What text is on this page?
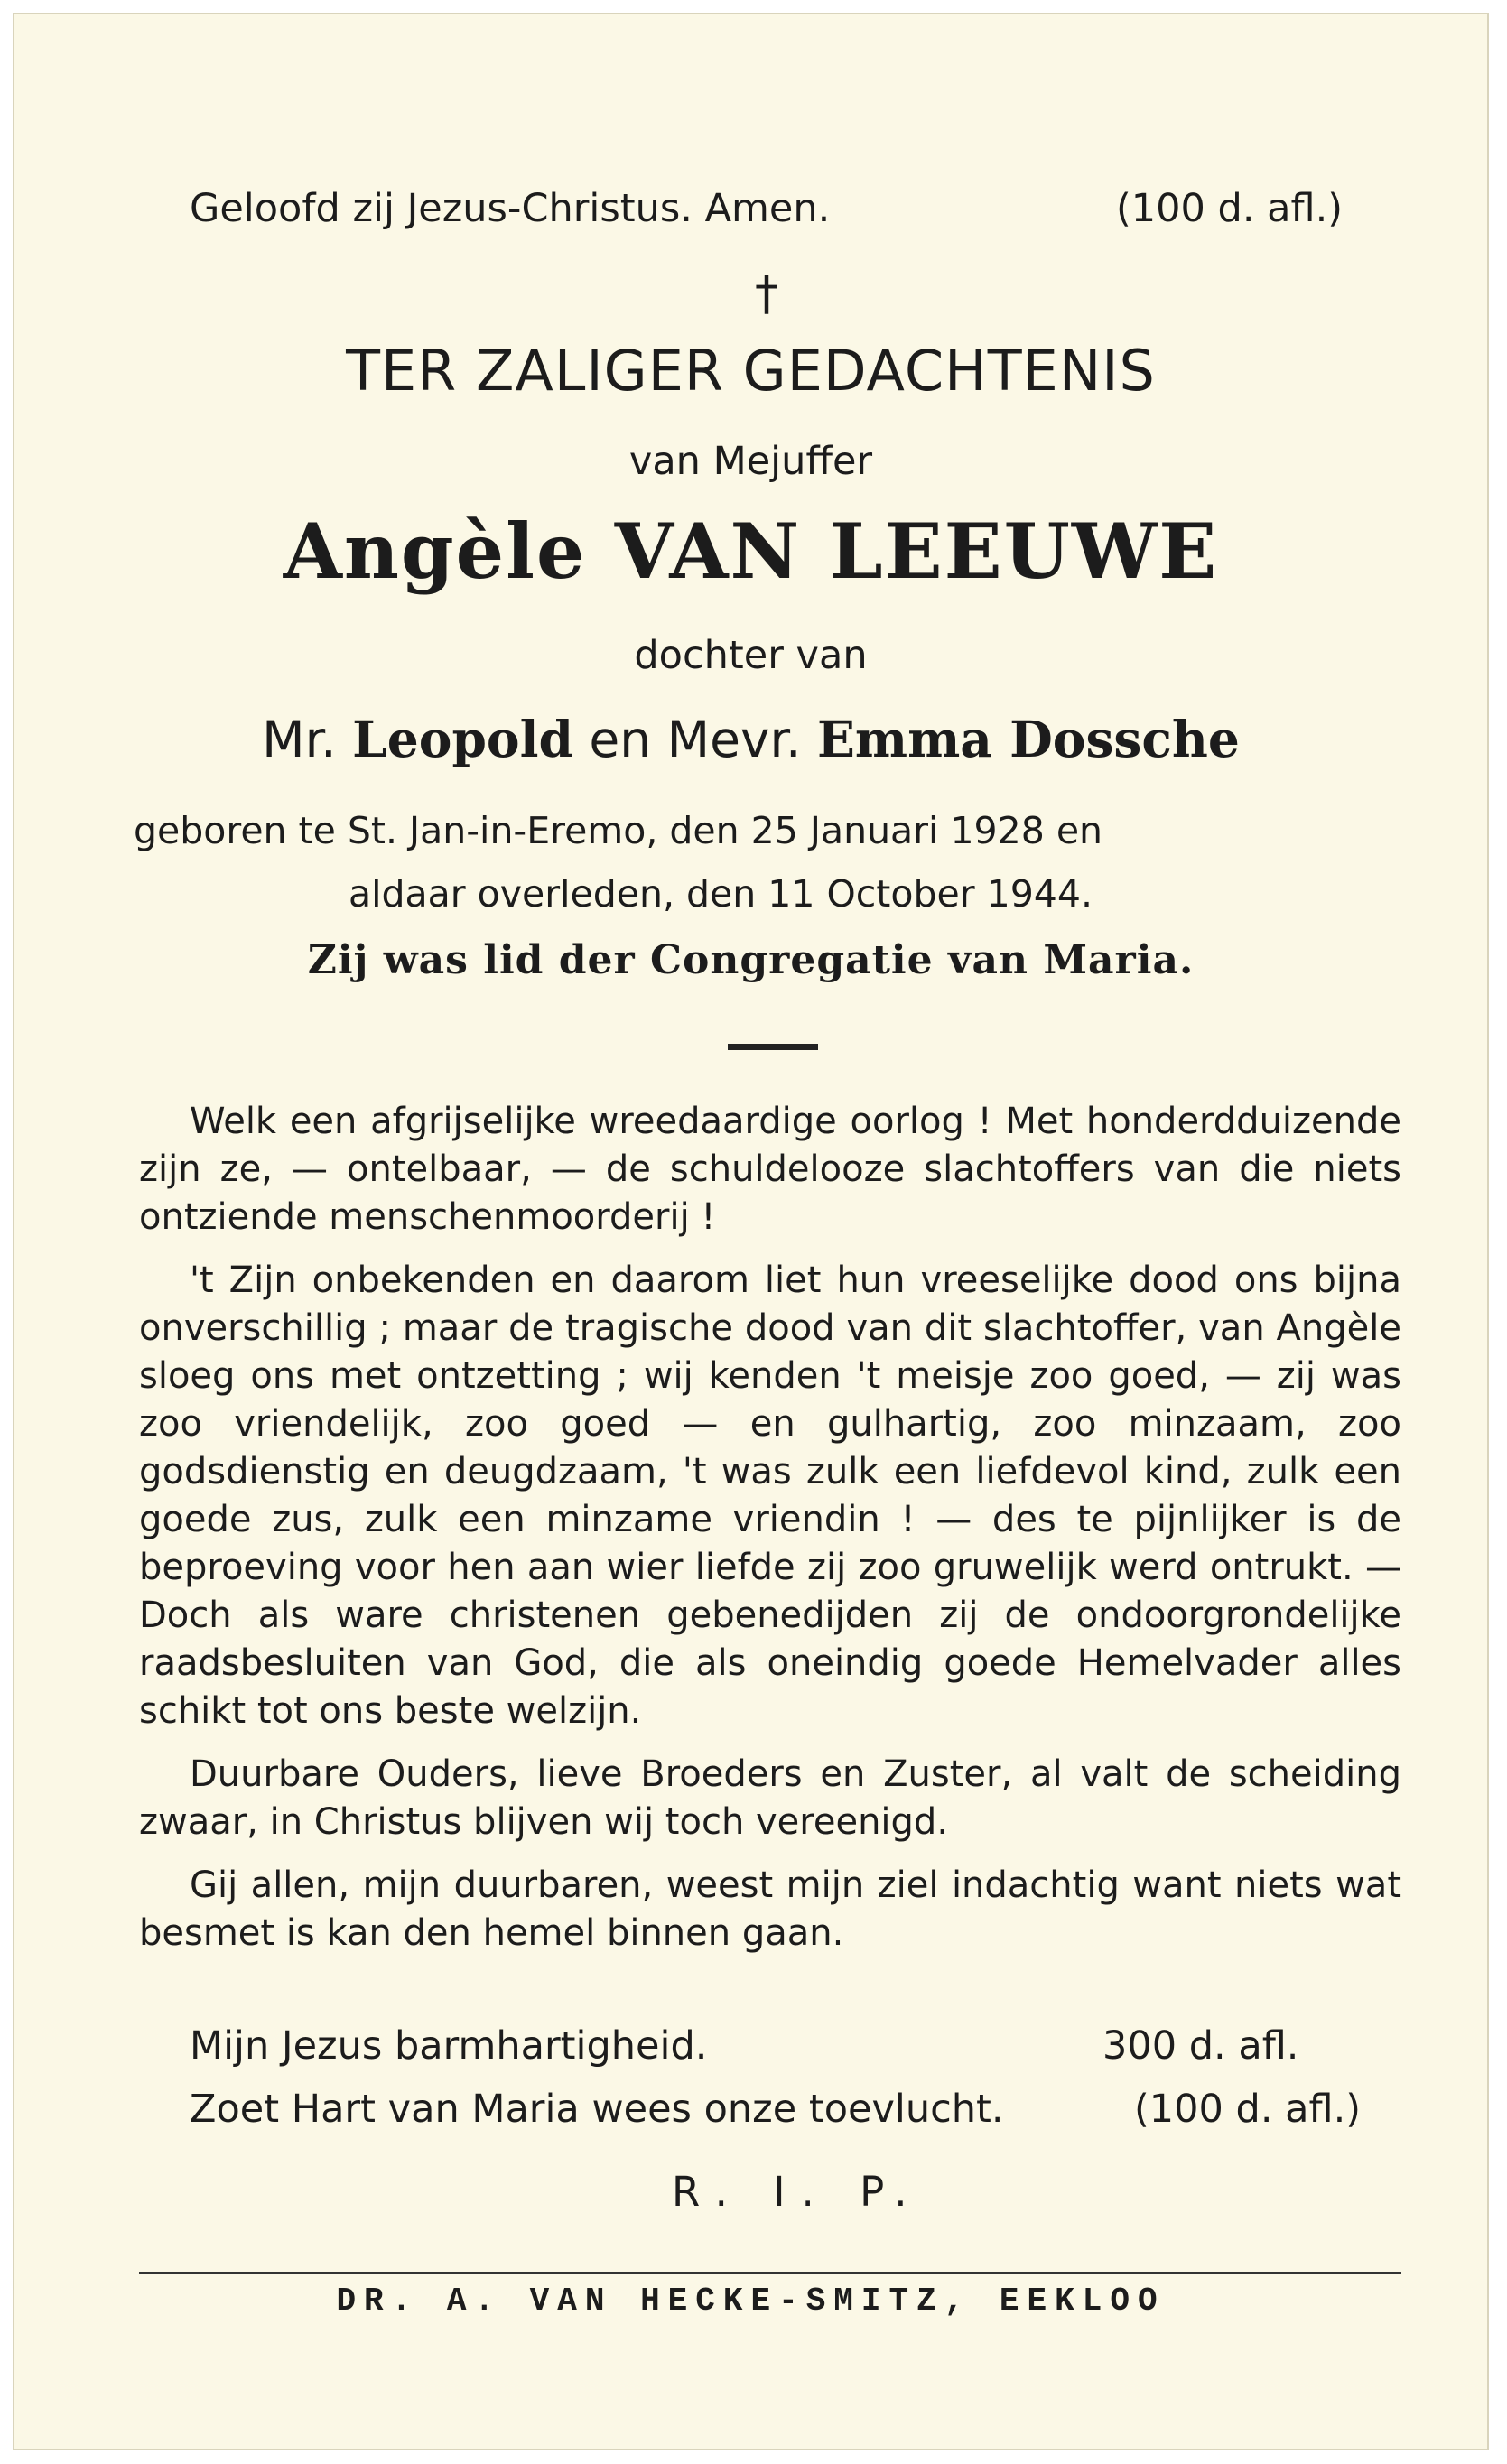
Geloofd zij Jezus-Christus. Amen.	(100 d. afl.)
†
TER ZALIGER GEDACHTENIS
van Mejuffer
Angèle VAN LEEUWE
dochter van
Mr. Leopold en Mevr. Emma Dossche
geboren te St. Jan-in-Eremo, den 25 Januari 1928 en
aldaar overleden, den 11 October 1944.
Zij was lid der Congregatie van Maria.

Welk een afgrijselijke wreedaardige oorlog ! Met honderdduizende zijn ze, — ontelbaar, — de schuldelooze slachtoffers van die niets ontziende menschenmoorderij !

't Zijn onbekenden en daarom liet hun vreeselijke dood ons bijna onverschillig ; maar de tragische dood van dit slachtoffer, van Angèle sloeg ons met ontzetting ; wij kenden 't meisje zoo goed, — zij was zoo vriendelijk, zoo goed — en gulhartig, zoo minzaam, zoo godsdienstig en deugdzaam, 't was zulk een liefdevol kind, zulk een goede zus, zulk een minzame vriendin ! — des te pijnlijker is de beproeving voor hen aan wier liefde zij zoo gruwelijk werd ontrukt. — Doch als ware christenen gebenedijden zij de ondoorgrondelijke raadsbesluiten van God, die als oneindig goede Hemelvader alles schikt tot ons beste welzijn.

Duurbare Ouders, lieve Broeders en Zuster, al valt de scheiding zwaar, in Christus blijven wij toch vereenigd.

Gij allen, mijn duurbaren, weest mijn ziel indachtig want niets wat besmet is kan den hemel binnen gaan.

Mijn Jezus barmhartigheid.	300 d. afl.
Zoet Hart van Maria wees onze toevlucht.	(100 d. afl.)
R. I. P.
DR. A. VAN HECKE-SMITZ, EEKLOO
